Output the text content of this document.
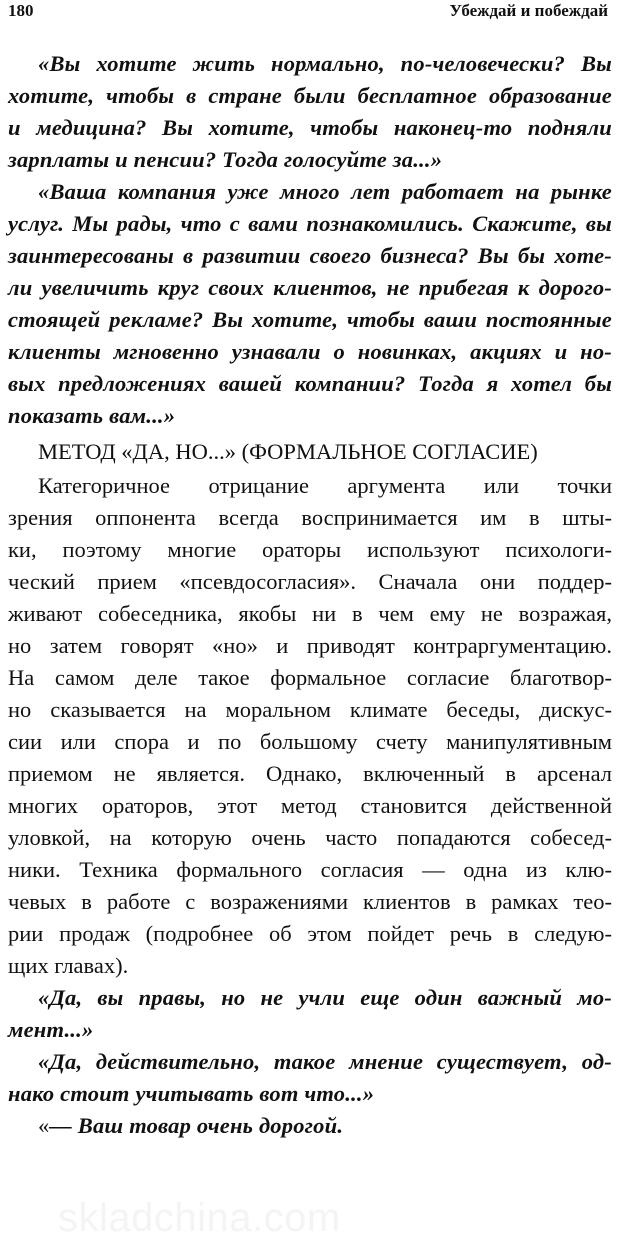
180	Убеждай и побеждай
«Вы хотите жить нормально, по-человечески? Вы
хотите, чтобы в стране были бесплатное образование
и медицина? Вы хотите, чтобы наконец-то подняли
зарплаты и пенсии? Тогда голосуйте за...»
«Ваша компания уже много лет работает на рынке
услуг. Мы рады, что с вами познакомились. Скажите, вы
заинтересованы в развитии своего бизнеса? Вы бы хоте-
ли увеличить круг своих клиентов, не прибегая к дорого-
стоящей рекламе? Вы хотите, чтобы ваши постоянные
клиенты мгновенно узнавали о новинках, акциях и но-
вых предложениях вашей компании? Тогда я хотел бы
показать вам...»
МЕТОД «ДА, НО...» (ФОРМАЛЬНОЕ СОГЛАСИЕ)
Категоричное отрицание аргумента или точки
зрения оппонента всегда воспринимается им в шты-
ки, поэтому многие ораторы используют психологи-
ческий прием «псевдосогласия». Сначала они поддер-
живают собеседника, якобы ни в чем ему не возражая,
но затем говорят «но» и приводят контраргументацию.
На самом деле такое формальное согласие благотвор-
но сказывается на моральном климате беседы, дискус-
сии или спора и по большому счету манипулятивным
приемом не является. Однако, включенный в арсенал
многих ораторов, этот метод становится действенной
уловкой, на которую очень часто попадаются собесед-
ники. Техника формального согласия — одна из клю-
чевых в работе с возражениями клиентов в рамках тео-
рии продаж (подробнее об этом пойдет речь в следую-
щих главах).
«Да, вы правы, но не учли еще один важный мо-
мент...»
«Да, действительно, такое мнение существует, од-
нако стоит учитывать вот что...»
«— Ваш товар очень дорогой.
skladchina.com
